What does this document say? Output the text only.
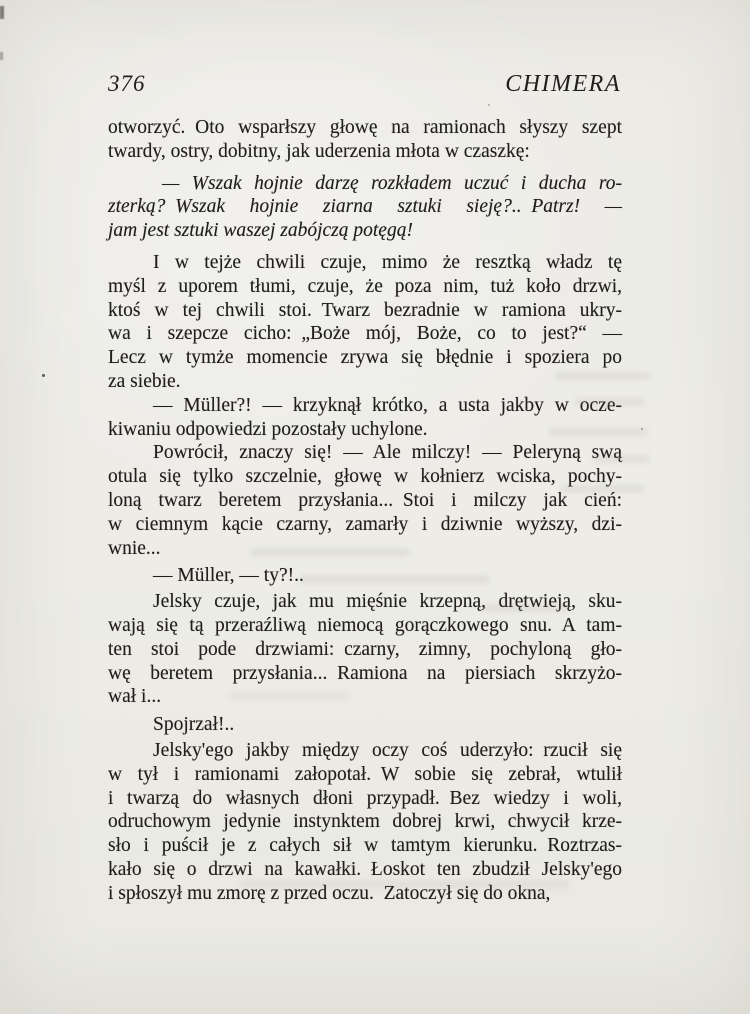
376	CHIMERA
otworzyć. Oto wsparłszy głowę na ramionach słyszy szept
twardy, ostry, dobitny, jak uderzenia młota w czaszkę:
— Wszak hojnie darzę rozkładem uczuć i ducha ro-
zterką? Wszak hojnie ziarna sztuki sieję?.. Patrz! —
jam jest sztuki waszej zabójczą potęgą!
I w tejże chwili czuje, mimo że resztką władz tę
myśl z uporem tłumi, czuje, że poza nim, tuż koło drzwi,
ktoś w tej chwili stoi. Twarz bezradnie w ramiona ukry-
wa i szepcze cicho: „Boże mój, Boże, co to jest?“ —
Lecz w tymże momencie zrywa się błędnie i spoziera po
za siebie.
— Müller?! — krzyknął krótko, a usta jakby w ocze-
kiwaniu odpowiedzi pozostały uchylone.
Powrócił, znaczy się! — Ale milczy! — Peleryną swą
otula się tylko szczelnie, głowę w kołnierz wciska, pochy-
loną twarz beretem przysłania... Stoi i milczy jak cień:
w ciemnym kącie czarny, zamarły i dziwnie wyższy, dzi-
wnie...
— Müller, — ty?!..
Jelsky czuje, jak mu mięśnie krzepną, drętwieją, sku-
wają się tą przeraźliwą niemocą gorączkowego snu. A tam-
ten stoi pode drzwiami: czarny, zimny, pochyloną gło-
wę beretem przysłania... Ramiona na piersiach skrzyżo-
wał i...
Spojrzał!..
Jelsky'ego jakby między oczy coś uderzyło: rzucił się
w tył i ramionami załopotał. W sobie się zebrał, wtulił
i twarzą do własnych dłoni przypadł. Bez wiedzy i woli,
odruchowym jedynie instynktem dobrej krwi, chwycił krze-
sło i puścił je z całych sił w tamtym kierunku. Roztrzas-
kało się o drzwi na kawałki. Łoskot ten zbudził Jelsky'ego
i spłoszył mu zmorę z przed oczu. Zatoczył się do okna,
